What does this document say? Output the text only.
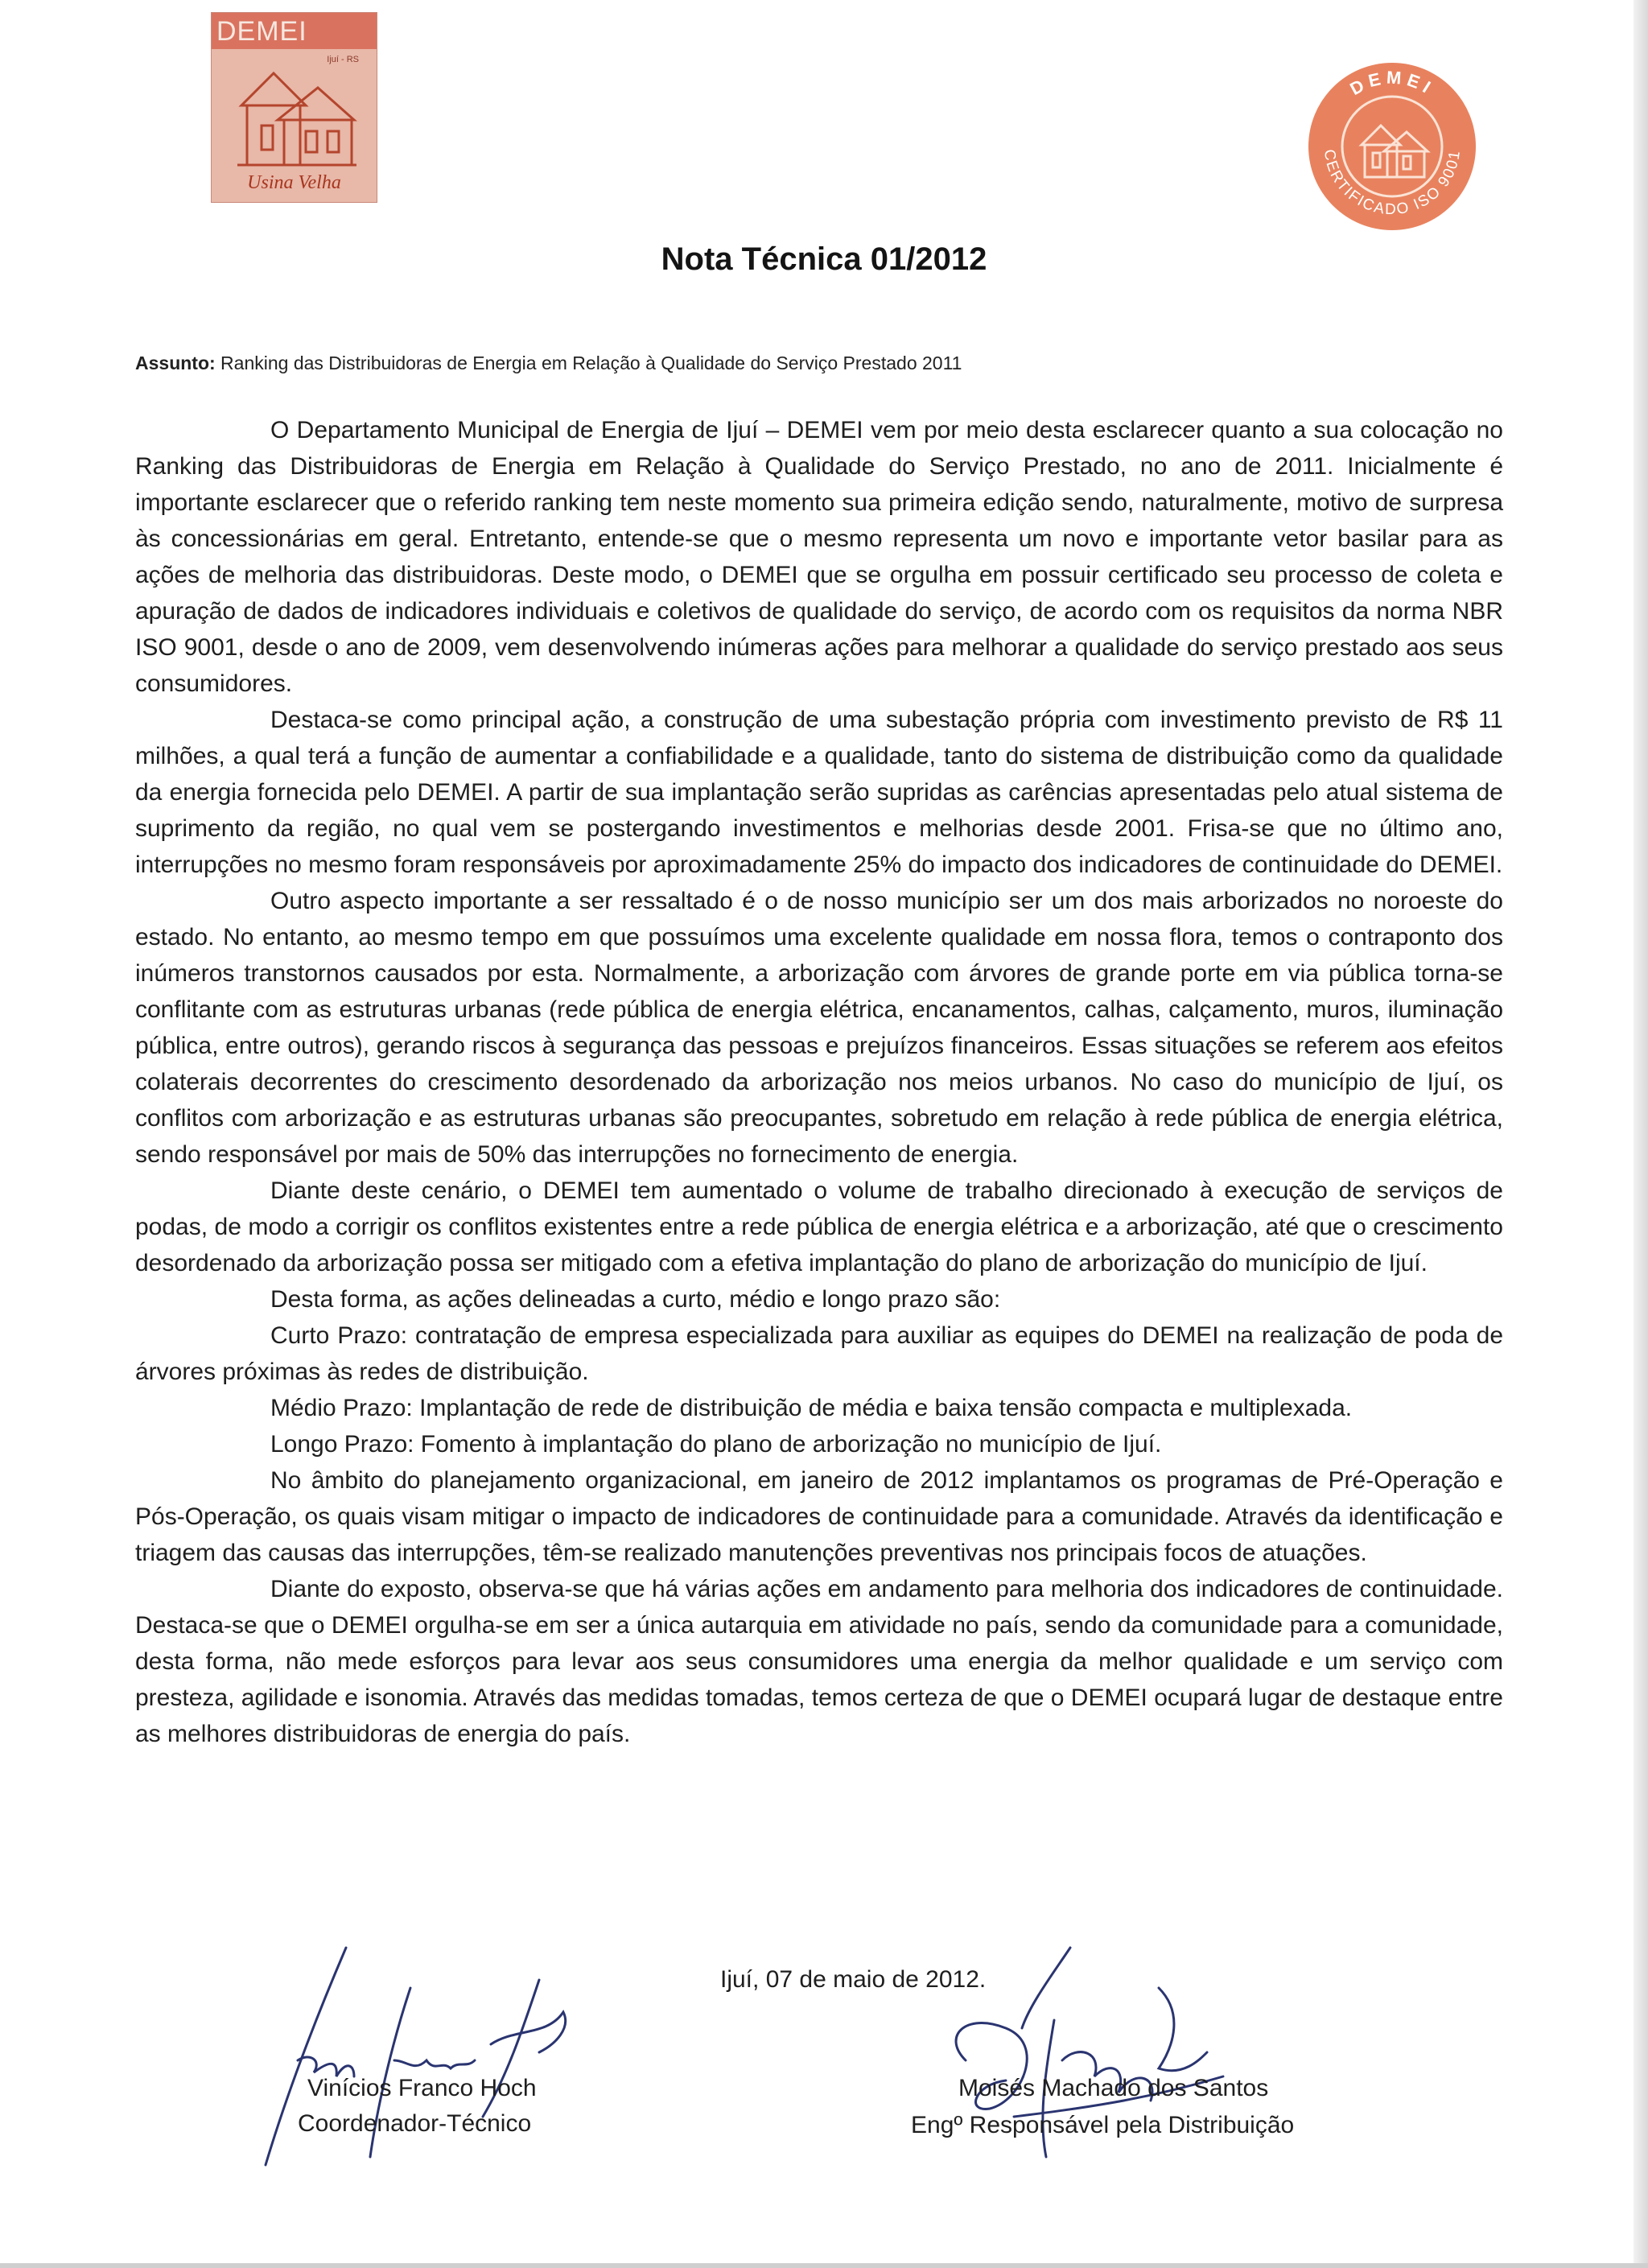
DEMEI
Ijuí - RS
Usina Velha
DEMEI
CERTIFICADO ISO 9001
Nota Técnica 01/2012
Assunto: Ranking das Distribuidoras de Energia em Relação à Qualidade do Serviço Prestado 2011

O Departamento Municipal de Energia de Ijuí – DEMEI vem por meio desta esclarecer quanto a sua colocação no Ranking das Distribuidoras de Energia em Relação à Qualidade do Serviço Prestado, no ano de 2011. Inicialmente é importante esclarecer que o referido ranking tem neste momento sua primeira edição sendo, naturalmente, motivo de surpresa às concessionárias em geral. Entretanto, entende-se que o mesmo representa um novo e importante vetor basilar para as ações de melhoria das distribuidoras. Deste modo, o DEMEI que se orgulha em possuir certificado seu processo de coleta e apuração de dados de indicadores individuais e coletivos de qualidade do serviço, de acordo com os requisitos da norma NBR ISO 9001, desde o ano de 2009, vem desenvolvendo inúmeras ações para melhorar a qualidade do serviço prestado aos seus consumidores.

Destaca-se como principal ação, a construção de uma subestação própria com investimento previsto de R$ 11 milhões, a qual terá a função de aumentar a confiabilidade e a qualidade, tanto do sistema de distribuição como da qualidade da energia fornecida pelo DEMEI. A partir de sua implantação serão supridas as carências apresentadas pelo atual sistema de suprimento da região, no qual vem se postergando investimentos e melhorias desde 2001. Frisa-se que no último ano, interrupções no mesmo foram responsáveis por aproximadamente 25% do impacto dos indicadores de continuidade do DEMEI.

Outro aspecto importante a ser ressaltado é o de nosso município ser um dos mais arborizados no noroeste do estado. No entanto, ao mesmo tempo em que possuímos uma excelente qualidade em nossa flora, temos o contraponto dos inúmeros transtornos causados por esta. Normalmente, a arborização com árvores de grande porte em via pública torna-se conflitante com as estruturas urbanas (rede pública de energia elétrica, encanamentos, calhas, calçamento, muros, iluminação pública, entre outros), gerando riscos à segurança das pessoas e prejuízos financeiros. Essas situações se referem aos efeitos colaterais decorrentes do crescimento desordenado da arborização nos meios urbanos. No caso do município de Ijuí, os conflitos com arborização e as estruturas urbanas são preocupantes, sobretudo em relação à rede pública de energia elétrica, sendo responsável por mais de 50% das interrupções no fornecimento de energia.

Diante deste cenário, o DEMEI tem aumentado o volume de trabalho direcionado à execução de serviços de podas, de modo a corrigir os conflitos existentes entre a rede pública de energia elétrica e a arborização, até que o crescimento desordenado da arborização possa ser mitigado com a efetiva implantação do plano de arborização do município de Ijuí.

Desta forma, as ações delineadas a curto, médio e longo prazo são:

Curto Prazo: contratação de empresa especializada para auxiliar as equipes do DEMEI na realização de poda de árvores próximas às redes de distribuição.

Médio Prazo: Implantação de rede de distribuição de média e baixa tensão compacta e multiplexada.

Longo Prazo: Fomento à implantação do plano de arborização no município de Ijuí.

No âmbito do planejamento organizacional, em janeiro de 2012 implantamos os programas de Pré-Operação e Pós-Operação, os quais visam mitigar o impacto de indicadores de continuidade para a comunidade. Através da identificação e triagem das causas das interrupções, têm-se realizado manutenções preventivas nos principais focos de atuações.

Diante do exposto, observa-se que há várias ações em andamento para melhoria dos indicadores de continuidade. Destaca-se que o DEMEI orgulha-se em ser a única autarquia em atividade no país, sendo da comunidade para a comunidade, desta forma, não mede esforços para levar aos seus consumidores uma energia da melhor qualidade e um serviço com presteza, agilidade e isonomia. Através das medidas tomadas, temos certeza de que o DEMEI ocupará lugar de destaque entre as melhores distribuidoras de energia do país.

Ijuí, 07 de maio de 2012.
Vinícios Franco Hoch
Coordenador-Técnico
Moisés Machado dos Santos
Engº Responsável pela Distribuição
